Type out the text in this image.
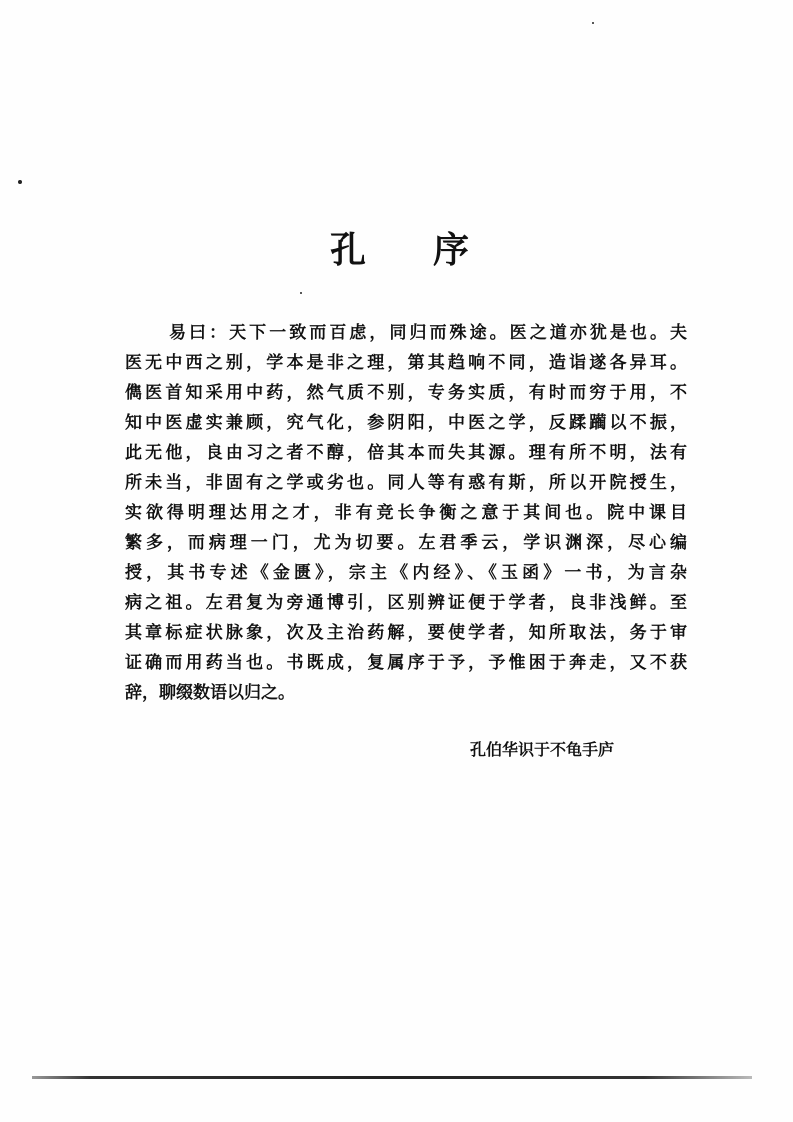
孔 序
易曰：天下一致而百虑，同归而殊途。医之道亦犹是也。夫
医无中西之别，学本是非之理，第其趋响不同，造诣遂各异耳。
儁医首知采用中药，然气质不别，专务实质，有时而穷于用，不
知中医虚实兼顾，究气化，参阴阳，中医之学，反蹂躏以不振，
此无他，良由习之者不醇，倍其本而失其源。理有所不明，法有
所未当，非固有之学或劣也。同人等有惑有斯，所以开院授生，
实欲得明理达用之才，非有竞长争衡之意于其间也。院中课目
繁多，而病理一门，尤为切要。左君季云，学识渊深，尽心编
授，其书专述《金匮》，宗主《内经》、《玉函》一书，为言杂
病之祖。左君复为旁通博引，区别辨证便于学者，良非浅鲜。至
其章标症状脉象，次及主治药解，要使学者，知所取法，务于审
证确而用药当也。书既成，复属序于予，予惟困于奔走，又不获
辞，聊缀数语以归之。
孔伯华识于不龟手庐
